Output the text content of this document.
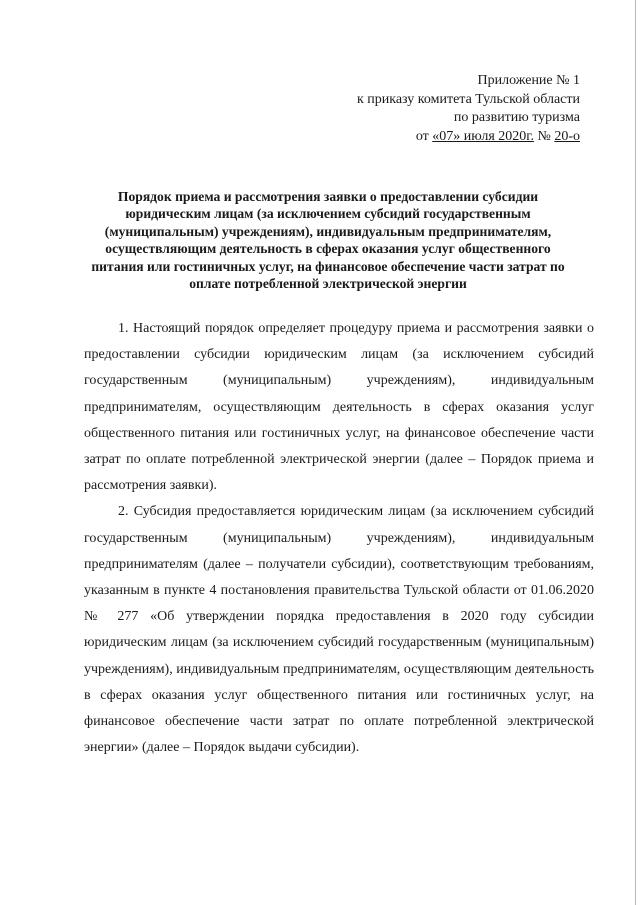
Приложение № 1
к приказу комитета Тульской области
по развитию туризма
от «07» июля 2020г. № 20-о
Порядок приема и рассмотрения заявки о предоставлении субсидии юридическим лицам (за исключением субсидий государственным (муниципальным) учреждениям), индивидуальным предпринимателям, осуществляющим деятельность в сферах оказания услуг общественного питания или гостиничных услуг, на финансовое обеспечение части затрат по оплате потребленной электрической энергии

1. Настоящий порядок определяет процедуру приема и рассмотрения заявки о предоставлении субсидии юридическим лицам (за исключением субсидий государственным (муниципальным) учреждениям), индивидуальным предпринимателям, осуществляющим деятельность в сферах оказания услуг общественного питания или гостиничных услуг, на финансовое обеспечение части затрат по оплате потребленной электрической энергии (далее – Порядок приема и рассмотрения заявки).

2. Субсидия предоставляется юридическим лицам (за исключением субсидий государственным (муниципальным) учреждениям), индивидуальным предпринимателям (далее – получатели субсидии), соответствующим требованиям, указанным в пункте 4 постановления правительства Тульской области от 01.06.2020 № 277 «Об утверждении порядка предоставления в 2020 году субсидии юридическим лицам (за исключением субсидий государственным (муниципальным) учреждениям), индивидуальным предпринимателям, осуществляющим деятельность в сферах оказания услуг общественного питания или гостиничных услуг, на финансовое обеспечение части затрат по оплате потребленной электрической энергии» (далее – Порядок выдачи субсидии).
